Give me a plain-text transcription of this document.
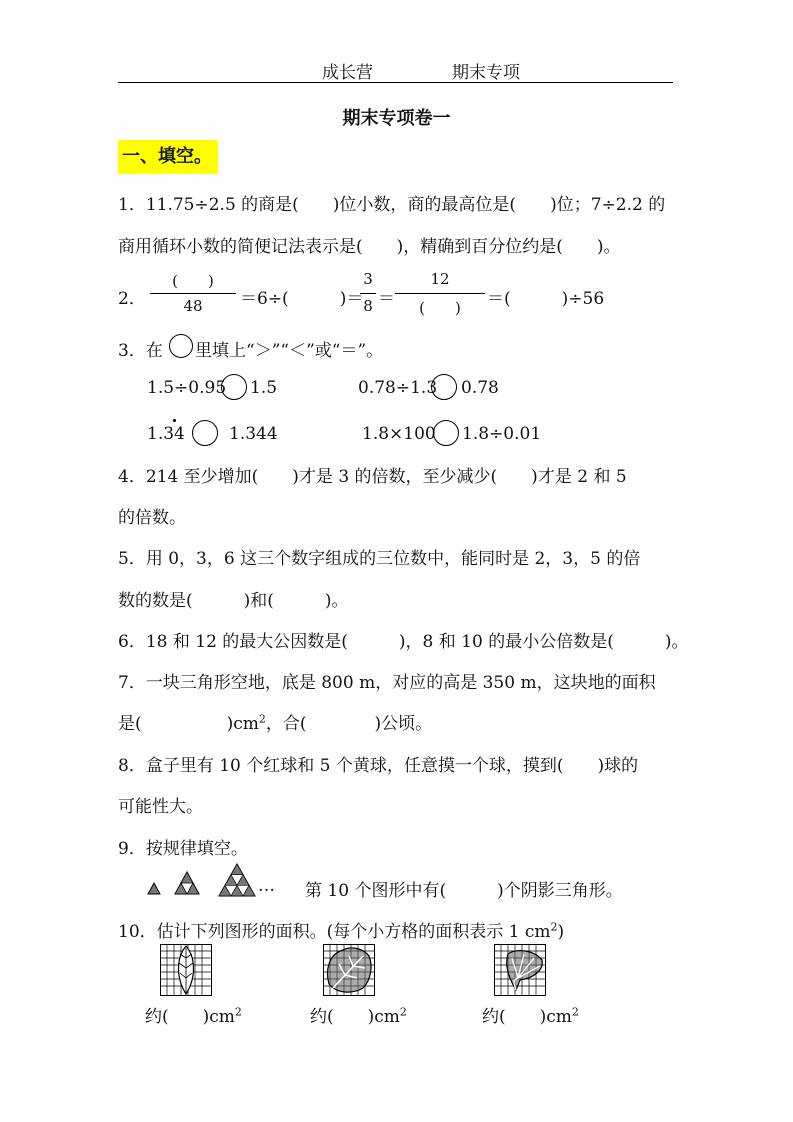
成长营	期末专项
期末专项卷一
一、填空。
1．11.75÷2.5 的商是(　　)位小数，商的最高位是(　　)位；7÷2.2 的
商用循环小数的简便记法表示是(　　)，精确到百分位约是(　　)。
2．
(　　)
48	＝6÷(　　　)＝
3
8 ＝
12
(　　)	＝(　　　)÷56
3．在 里填上“＞”“＜”或“＝”。
1.5÷0.95 1.5	0.78÷1.3 0.78
1.34	1.344	1.8×100 1.8÷0.01
4．214 至少增加(　　)才是 3 的倍数，至少减少(　　)才是 2 和 5
的倍数。
5．用 0，3，6 这三个数字组成的三位数中，能同时是 2，3，5 的倍
数的数是(　　　)和(　　　)。
6．18 和 12 的最大公因数是(　　　)，8 和 10 的最小公倍数是(　　　)。
7．一块三角形空地，底是 800 m，对应的高是 350 m，这块地的面积
是(　　　　　)$cm^2$，合(　　　　)公顷。
8．盒子里有 10 个红球和 5 个黄球，任意摸一个球，摸到(　　)球的
可能性大。
9．按规律填空。
… 第 10 个图形中有(　　　)个阴影三角形。
10．估计下列图形的面积。(每个小方格的面积表示 1 $cm^2$)
约(　　)$cm^2$	约(　　)$cm^2$	约(　　)$cm^2$
